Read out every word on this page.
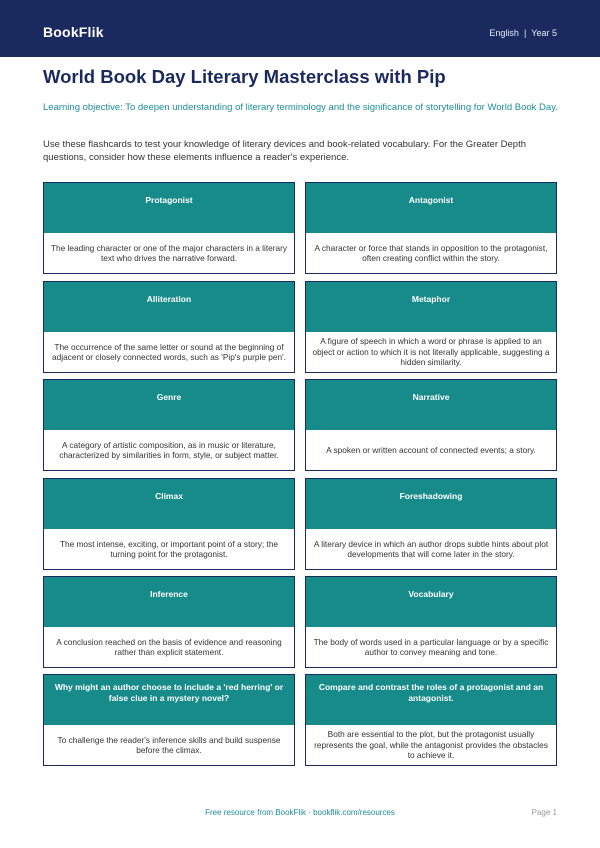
BookFlik	English | Year 5
World Book Day Literary Masterclass with Pip

Learning objective: To deepen understanding of literary terminology and the significance of storytelling for World Book Day.

Use these flashcards to test your knowledge of literary devices and book-related vocabulary. For the Greater Depth questions, consider how these elements influence a reader's experience.

Protagonist
The leading character or one of the major characters in a literary text who drives the narrative forward.
Antagonist
A character or force that stands in opposition to the protagonist, often creating conflict within the story.
Alliteration
The occurrence of the same letter or sound at the beginning of adjacent or closely connected words, such as 'Pip's purple pen'.
Metaphor
A figure of speech in which a word or phrase is applied to an object or action to which it is not literally applicable, suggesting a hidden similarity.
Genre
A category of artistic composition, as in music or literature, characterized by similarities in form, style, or subject matter.
Narrative
A spoken or written account of connected events; a story.
Climax
The most intense, exciting, or important point of a story; the turning point for the protagonist.
Foreshadowing
A literary device in which an author drops subtle hints about plot developments that will come later in the story.
Inference
A conclusion reached on the basis of evidence and reasoning rather than explicit statement.
Vocabulary
The body of words used in a particular language or by a specific author to convey meaning and tone.
Why might an author choose to include a 'red herring' or false clue in a mystery novel?
To challenge the reader's inference skills and build suspense before the climax.
Compare and contrast the roles of a protagonist and an antagonist.
Both are essential to the plot, but the protagonist usually represents the goal, while the antagonist provides the obstacles to achieve it.
Free resource from BookFlik · bookflik.com/resources	Page 1
